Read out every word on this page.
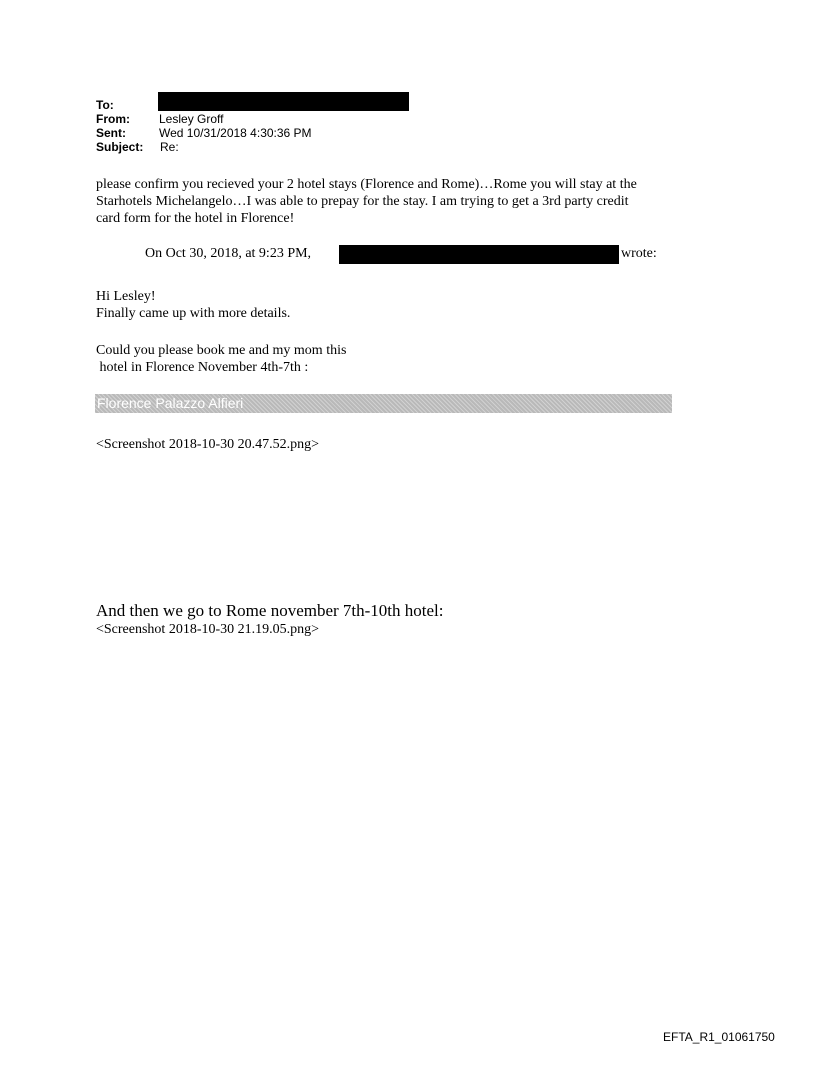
To:
From: Lesley Groff
Sent:	Wed 10/31/2018 4:30:36 PM
Subject: Re:
please confirm you recieved your 2 hotel stays (Florence and Rome)…Rome you will stay at the
Starhotels Michelangelo…I was able to prepay for the stay. I am trying to get a 3rd party credit
card form for the hotel in Florence!
On Oct 30, 2018, at 9:23 PM,	wrote:
Hi Lesley!
Finally came up with more details.
Could you please book me and my mom this
hotel in Florence November 4th-7th :
Florence Palazzo Alfieri
<Screenshot 2018-10-30 20.47.52.png>
And then we go to Rome november 7th-10th hotel:
<Screenshot 2018-10-30 21.19.05.png>
EFTA_R1_01061750
